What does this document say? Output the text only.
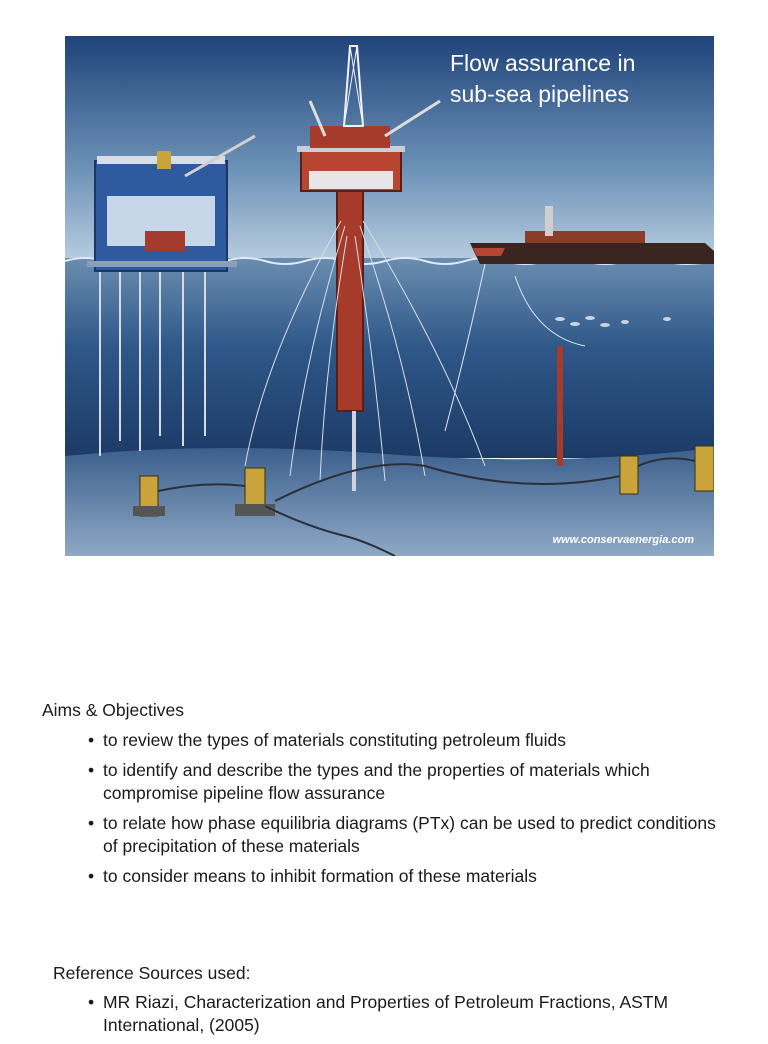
Flow assurance in
sub-sea pipelines
www.conservaenergia.com
Aims & Objectives
• to review the types of materials constituting petroleum fluids
• to identify and describe the types and the properties of materials which compromise pipeline flow assurance
• to relate how phase equilibria diagrams (PTx) can be used to predict conditions of precipitation of these materials
• to consider means to inhibit formation of these materials
Reference Sources used:
• MR Riazi, Characterization and Properties of Petroleum Fractions, ASTM International, (2005)
